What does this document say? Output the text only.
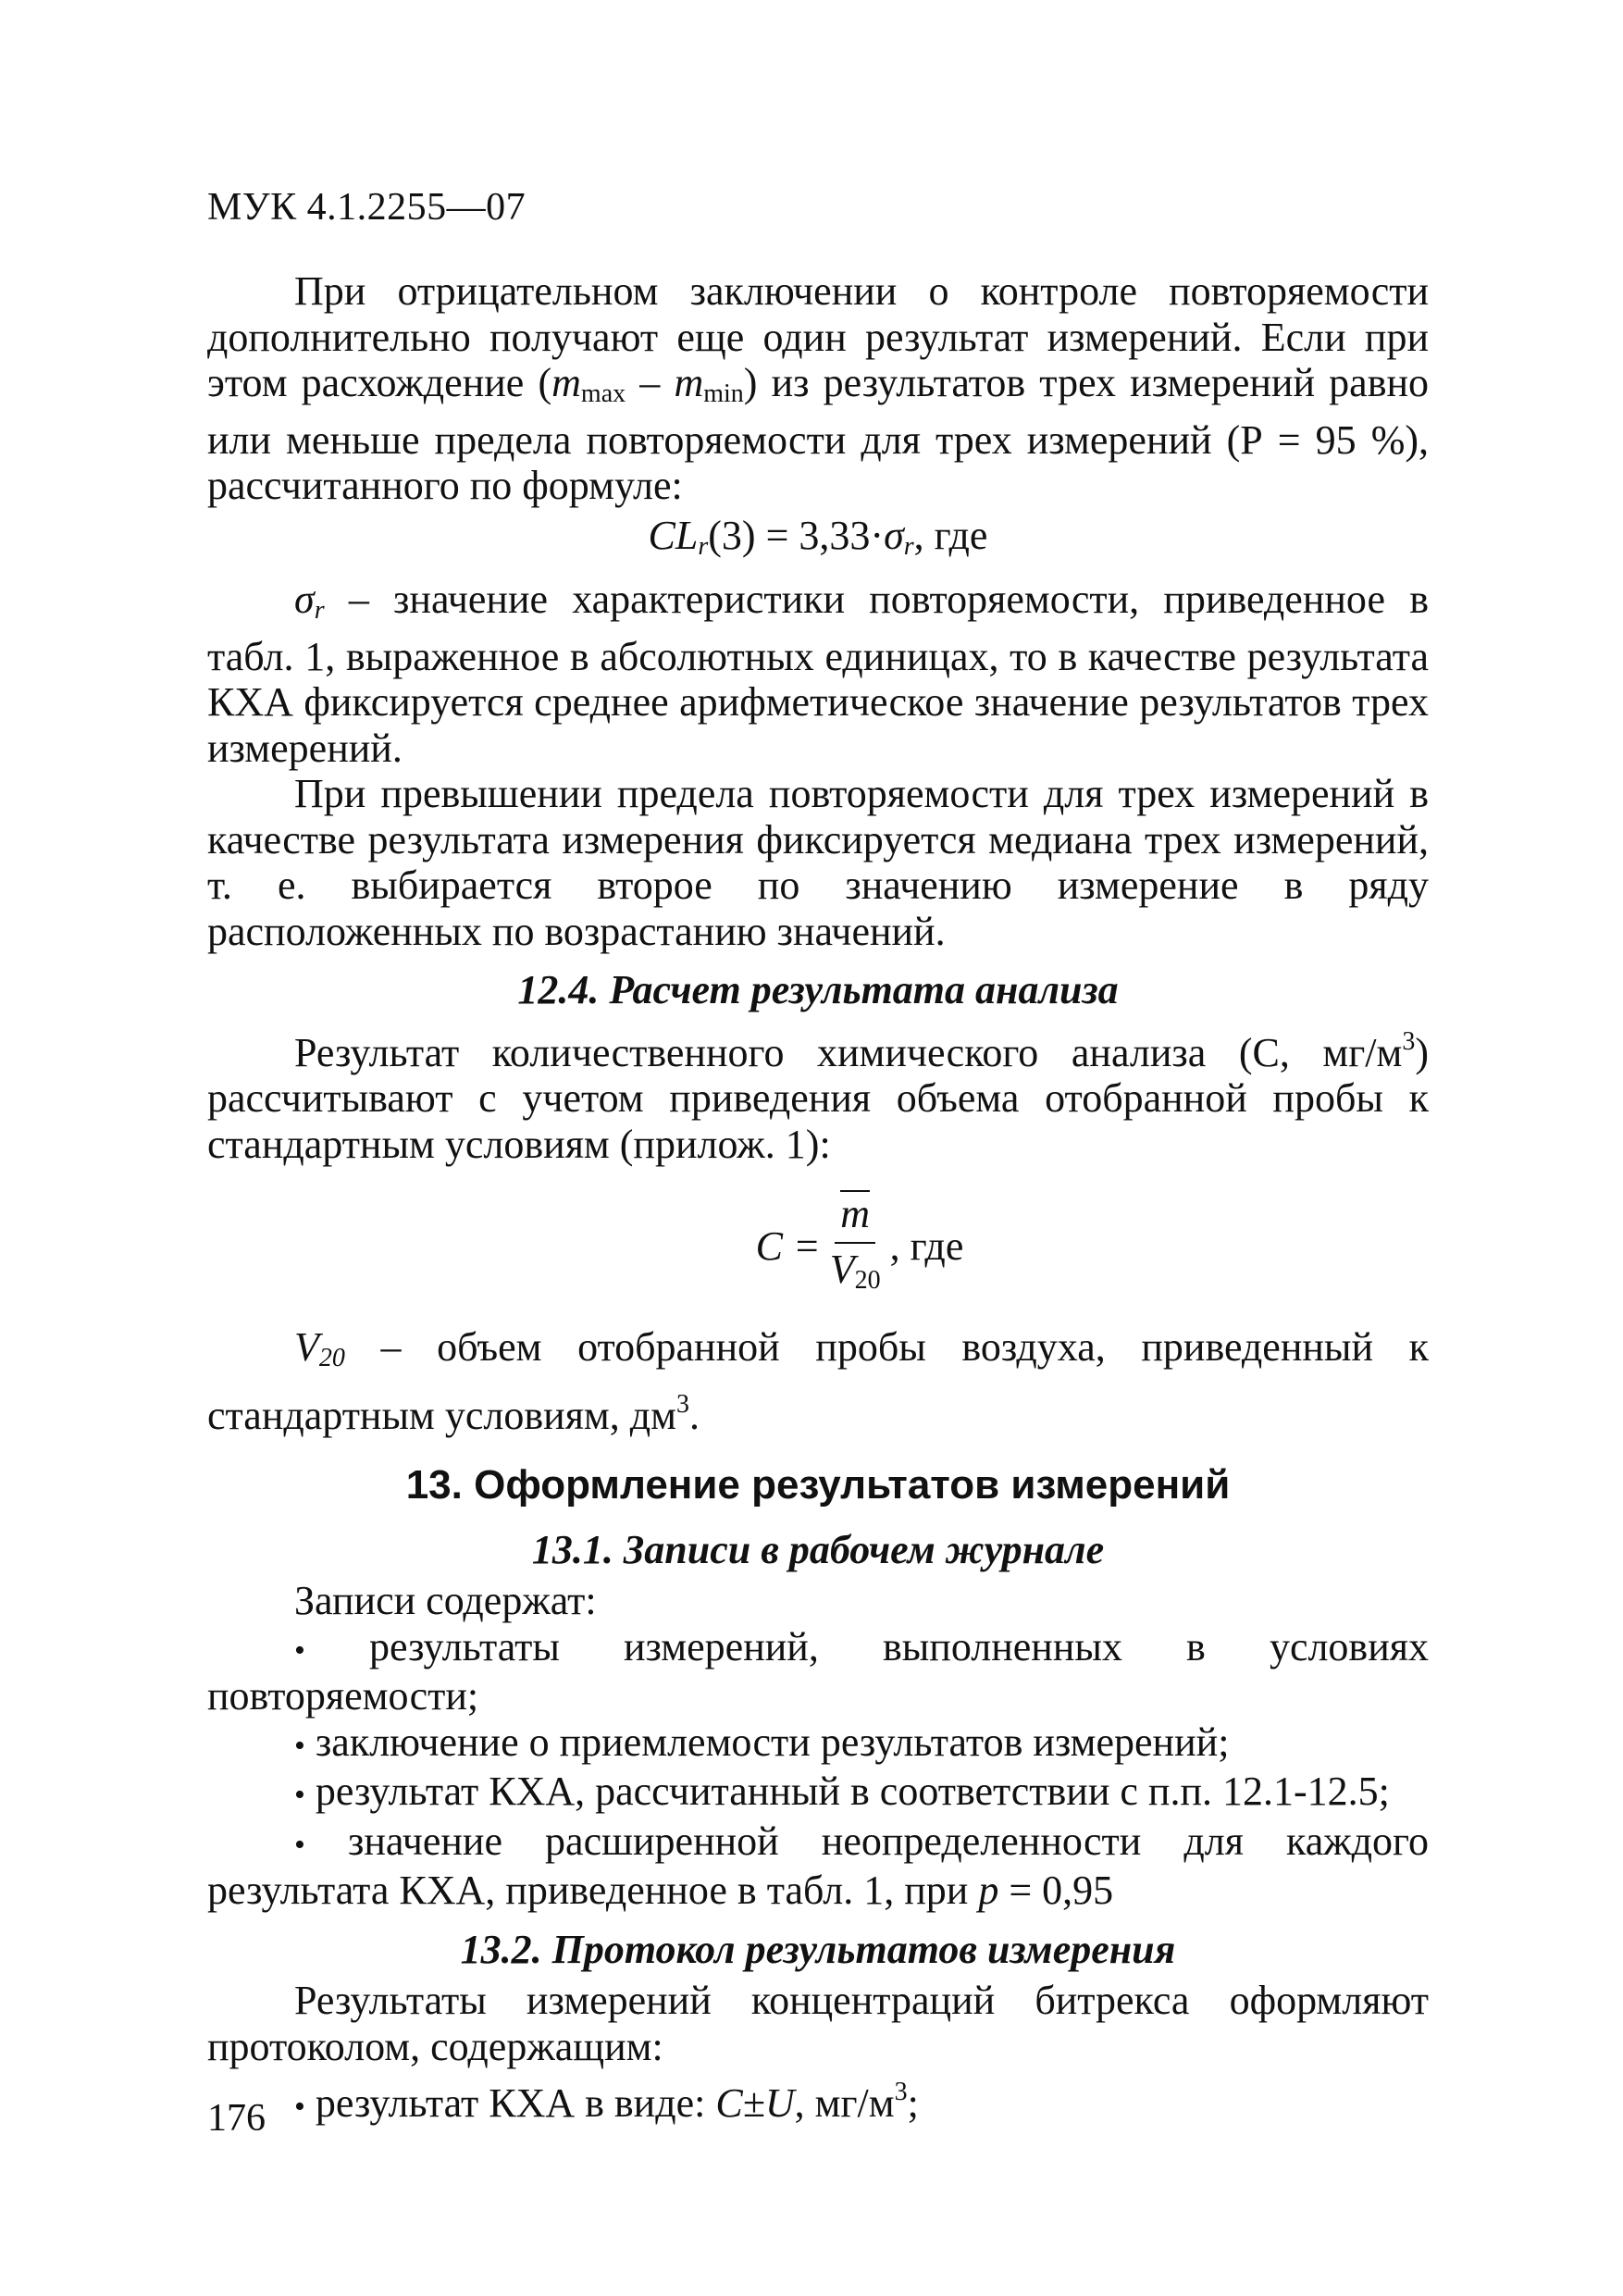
МУК 4.1.2255—07

При отрицательном заключении о контроле повторяемости дополнительно получают еще один результат измерений. Если при этом расхождение $(m_{max} - m_{min})$ из результатов трех измерений равно или меньше предела повторяемости для трех измерений (Р = 95 %), рассчитанного по формуле:

$CL_r(3) = 3,33\cdot\sigma_r$, где

$\sigma_r$ – значение характеристики повторяемости, приведенное в табл. 1, выраженное в абсолютных единицах, то в качестве результата КХА фиксируется среднее арифметическое значение результатов трех измерений.

При превышении предела повторяемости для трех измерений в качестве результата измерения фиксируется медиана трех измерений, т. е. выбирается второе по значению измерение в ряду расположенных по возрастанию значений.

12.4. Расчет результата анализа

Результат количественного химического анализа (С, $мг/м^3$) рассчитывают с учетом приведения объема отобранной пробы к стандартным условиям (прилож. 1):

$C = \frac{m}{V_{20}}$ , где

$V_{20}$ – объем отобранной пробы воздуха, приведенный к стандартным условиям, $дм^3$.

13. Оформление результатов измерений

13.1. Записи в рабочем журнале

Записи содержат:

• результаты измерений, выполненных в условиях повторяемости;

• заключение о приемлемости результатов измерений;

• результат КХА, рассчитанный в соответствии с п.п. 12.1-12.5;

• значение расширенной неопределенности для каждого результата КХА, приведенное в табл. 1, при p = 0,95

13.2. Протокол результатов измерения

Результаты измерений концентраций битрекса оформляют протоколом, содержащим:

• результат КХА в виде: C±U, $мг/м^3$;

176
